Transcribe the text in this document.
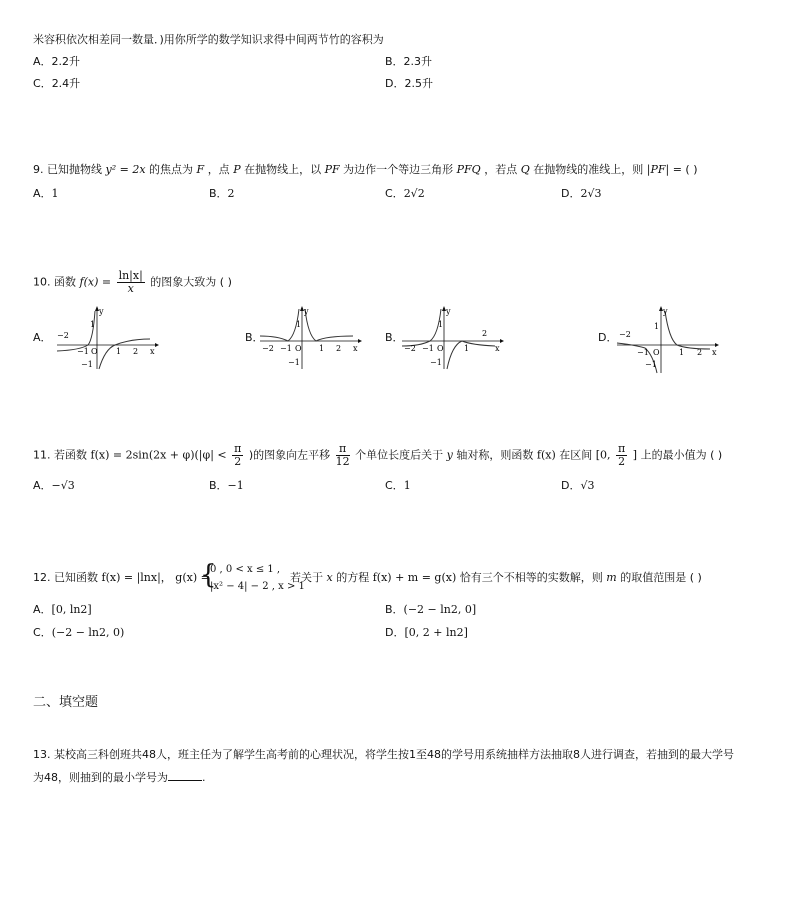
米容积依次相差同一数量．)用你所学的数学知识求得中间两节竹的容积为
A．2.2升	B．2.3升
C．2.4升	D．2.5升
9. 已知抛物线 y² = 2x 的焦点为 F ，点 P 在抛物线上，以 PF 为边作一个等边三角形 PFQ ，若点 Q 在抛物线的准线上，则 |PF| = ( )
A．1	B．2	C．2√2	D．2√3
10. 函数 $f(x) = \frac{\ln|x|}{x}$ 的图象大致为 ( )
A．	B．	B．	D．
y
1
−2
−1 O 1 2 x
−1
y
1
−2 −1 O 1 2 x
−1
y
1
2
−2 −1 O	1	x
−1
y
1
−2
−1 O 1 2 x
−1
11. 若函数 $f(x) = 2\sin(2x + \varphi)(|\varphi| < \frac{\pi}{2}$ )的图象向左平移 $\frac{\pi}{12}$ 个单位长度后关于 y 轴对称，则函数 f(x) 在区间 [0, $\frac{\pi}{2}$ ] 上的最小值为 ( )
A．−√3	B．−1	C．1	D．√3
12. 已知函数 f(x) = |lnx|， g(x) =
{
0 , 0 < x ≤ 1 ,
|x² − 4| − 2 , x > 1
若关于 x 的方程 f(x) + m = g(x) 恰有三个不相等的实数解，则 m 的取值范围是 ( )
A．[0, ln2]	B．(−2 − ln2, 0]
C．(−2 − ln2, 0)	D．[0, 2 + ln2]
二、填空题
13. 某校高三科创班共48人，班主任为了解学生高考前的心理状况，将学生按1至48的学号用系统抽样方法抽取8人进行调查，若抽到的最大学号
为48，则抽到的最小学号为	.
